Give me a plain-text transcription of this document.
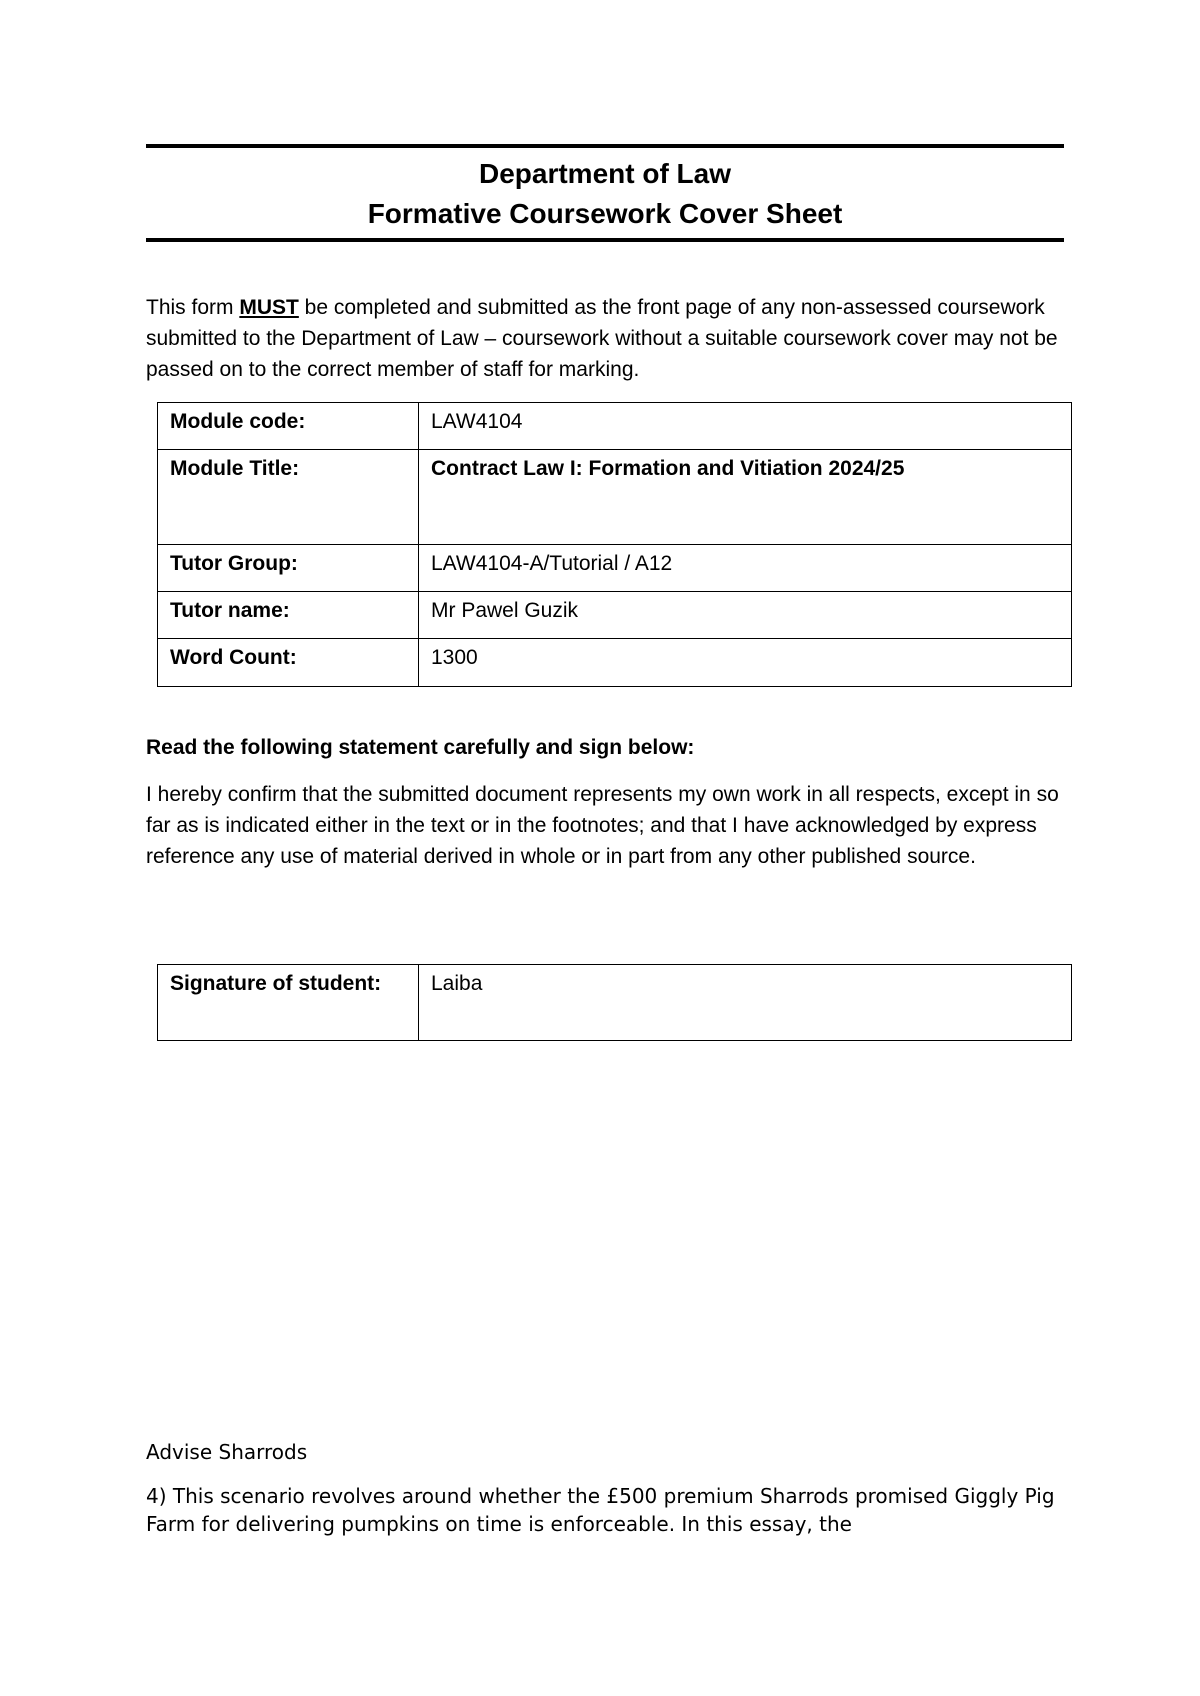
Department of Law
Formative Coursework Cover Sheet
This form MUST be completed and submitted as the front page of any non-assessed coursework submitted to the Department of Law – coursework without a suitable coursework cover may not be passed on to the correct member of staff for marking.
Module code:	LAW4104
Module Title:	Contract Law I: Formation and Vitiation 2024/25
Tutor Group:	LAW4104-A/Tutorial / A12
Tutor name:	Mr Pawel Guzik
Word Count:	1300
Read the following statement carefully and sign below:
I hereby confirm that the submitted document represents my own work in all respects, except in so far as is indicated either in the text or in the footnotes; and that I have acknowledged by express reference any use of material derived in whole or in part from any other published source.
Signature of student:	Laiba
Advise Sharrods
4) This scenario revolves around whether the £500 premium Sharrods promised Giggly Pig Farm for delivering pumpkins on time is enforceable. In this essay, the
